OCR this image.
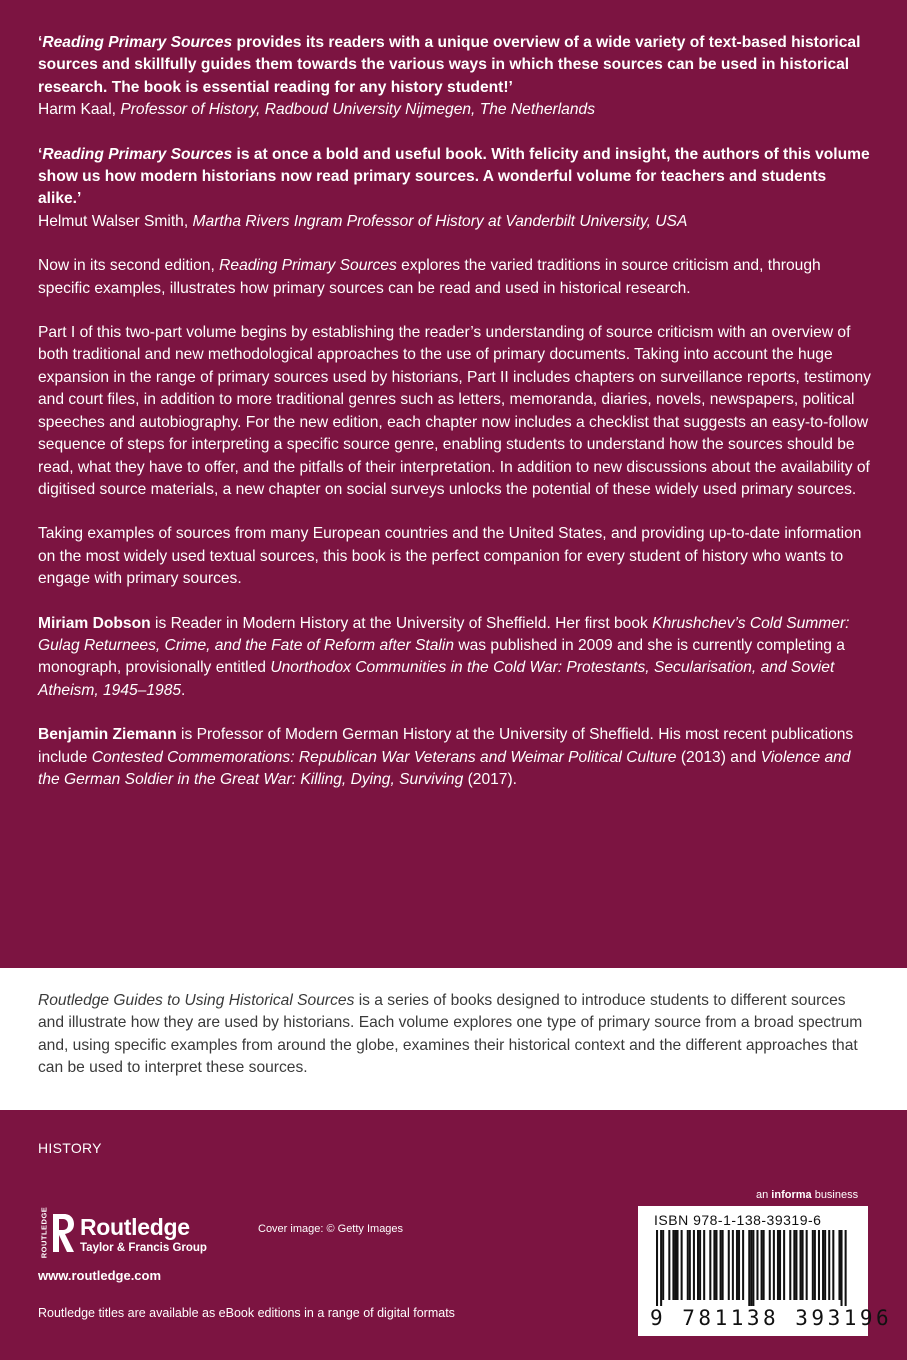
‘Reading Primary Sources provides its readers with a unique overview of a wide variety of text-based historical sources and skillfully guides them towards the various ways in which these sources can be used in historical research. The book is essential reading for any history student!’
Harm Kaal, Professor of History, Radboud University Nijmegen, The Netherlands
‘Reading Primary Sources is at once a bold and useful book. With felicity and insight, the authors of this volume show us how modern historians now read primary sources. A wonderful volume for teachers and students alike.’
Helmut Walser Smith, Martha Rivers Ingram Professor of History at Vanderbilt University, USA

Now in its second edition, Reading Primary Sources explores the varied traditions in source criticism and, through specific examples, illustrates how primary sources can be read and used in historical research.

Part I of this two-part volume begins by establishing the reader’s understanding of source criticism with an overview of both traditional and new methodological approaches to the use of primary documents. Taking into account the huge expansion in the range of primary sources used by historians, Part II includes chapters on surveillance reports, testimony and court files, in addition to more traditional genres such as letters, memoranda, diaries, novels, newspapers, political speeches and autobiography. For the new edition, each chapter now includes a checklist that suggests an easy-to-follow sequence of steps for interpreting a specific source genre, enabling students to understand how the sources should be read, what they have to offer, and the pitfalls of their interpretation. In addition to new discussions about the availability of digitised source materials, a new chapter on social surveys unlocks the potential of these widely used primary sources.

Taking examples of sources from many European countries and the United States, and providing up-to-date information on the most widely used textual sources, this book is the perfect companion for every student of history who wants to engage with primary sources.

Miriam Dobson is Reader in Modern History at the University of Sheffield. Her first book Khrushchev’s Cold Summer: Gulag Returnees, Crime, and the Fate of Reform after Stalin was published in 2009 and she is currently completing a monograph, provisionally entitled Unorthodox Communities in the Cold War: Protestants, Secularisation, and Soviet Atheism, 1945–1985.

Benjamin Ziemann is Professor of Modern German History at the University of Sheffield. His most recent publications include Contested Commemorations: Republican War Veterans and Weimar Political Culture (2013) and Violence and the German Soldier in the Great War: Killing, Dying, Surviving (2017).

Routledge Guides to Using Historical Sources is a series of books designed to introduce students to different sources and illustrate how they are used by historians. Each volume explores one type of primary source from a broad spectrum and, using specific examples from around the globe, examines their historical context and the different approaches that can be used to interpret these sources.
HISTORY
ROUTLEDGE Routledge
Taylor & Francis Group
www.routledge.com
Cover image: © Getty Images
Routledge titles are available as eBook editions in a range of digital formats
an informa business
ISBN 978-1-138-39319-6
9 781138 393196
